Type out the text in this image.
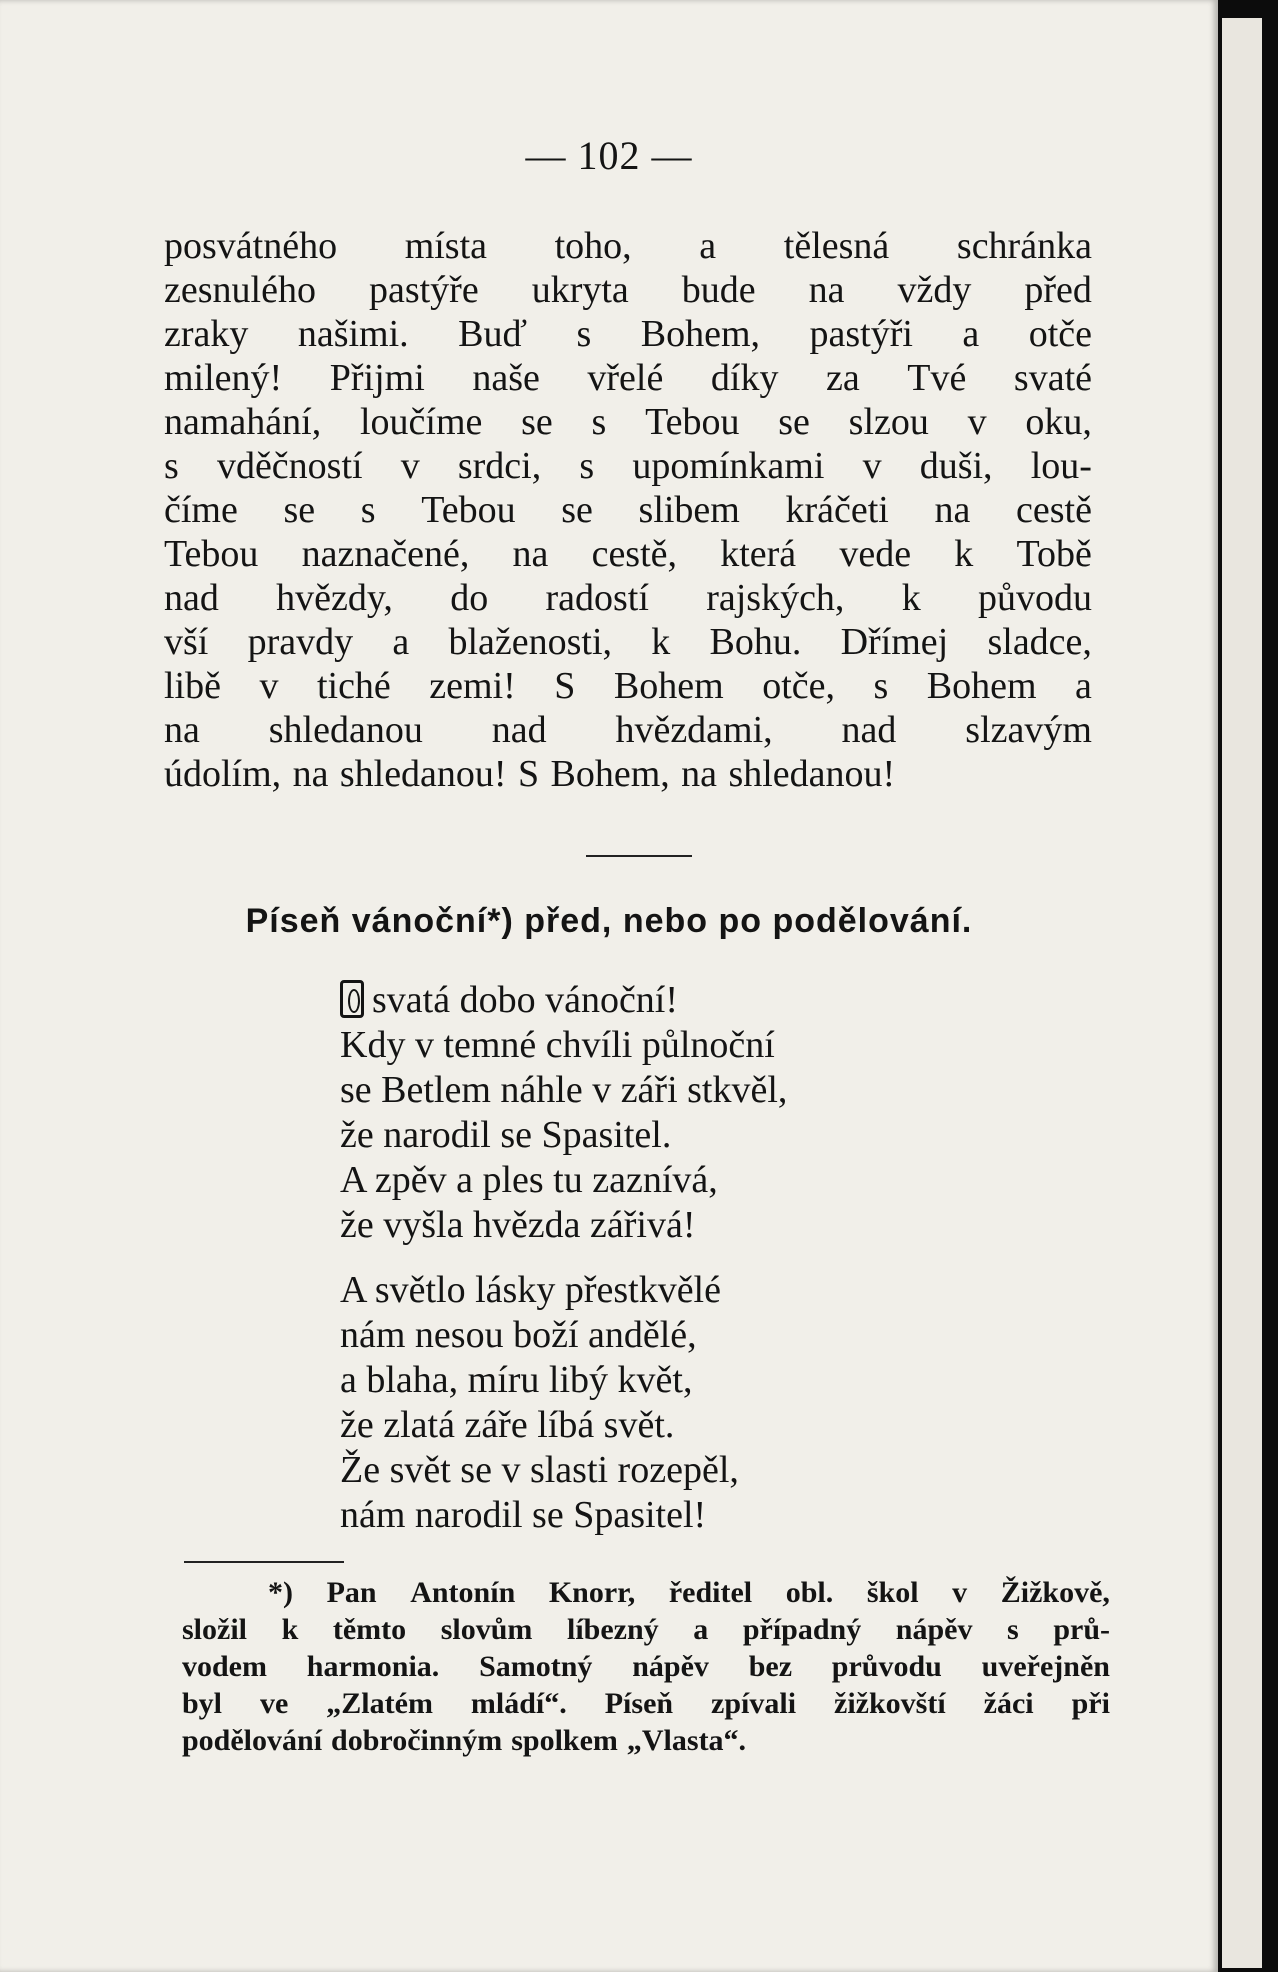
— 102 —
posvátného místa toho, a tělesná schránka
zesnulého pastýře ukryta bude na vždy před
zraky našimi. Buď s Bohem, pastýři a otče
milený! Přijmi naše vřelé díky za Tvé svaté
namahání, loučíme se s Tebou se slzou v oku,
s vděčností v srdci, s upomínkami v duši, lou-
číme se s Tebou se slibem kráčeti na cestě
Tebou naznačené, na cestě, která vede k Tobě
nad hvězdy, do radostí rajských, k původu
vší pravdy a blaženosti, k Bohu. Dřímej sladce,
libě v tiché zemi! S Bohem otče, s Bohem a
na shledanou nad hvězdami, nad slzavým
údolím, na shledanou! S Bohem, na shledanou!
Píseň vánoční*) před, nebo po podělování.
svatá dobo vánoční!
Kdy v temné chvíli půlnoční
se Betlem náhle v záři stkvěl,
že narodil se Spasitel.
A zpěv a ples tu zaznívá,
že vyšla hvězda zářivá!
A světlo lásky přestkvělé
nám nesou boží andělé,
a blaha, míru libý květ,
že zlatá záře líbá svět.
Že svět se v slasti rozepěl,
nám narodil se Spasitel!
*) Pan Antonín Knorr, ředitel obl. škol v Žižkově,
složil k těmto slovům líbezný a případný nápěv s prů-
vodem harmonia. Samotný nápěv bez průvodu uveřejněn
byl ve „Zlatém mládí“. Píseň zpívali žižkovští žáci při
podělování dobročinným spolkem „Vlasta“.
